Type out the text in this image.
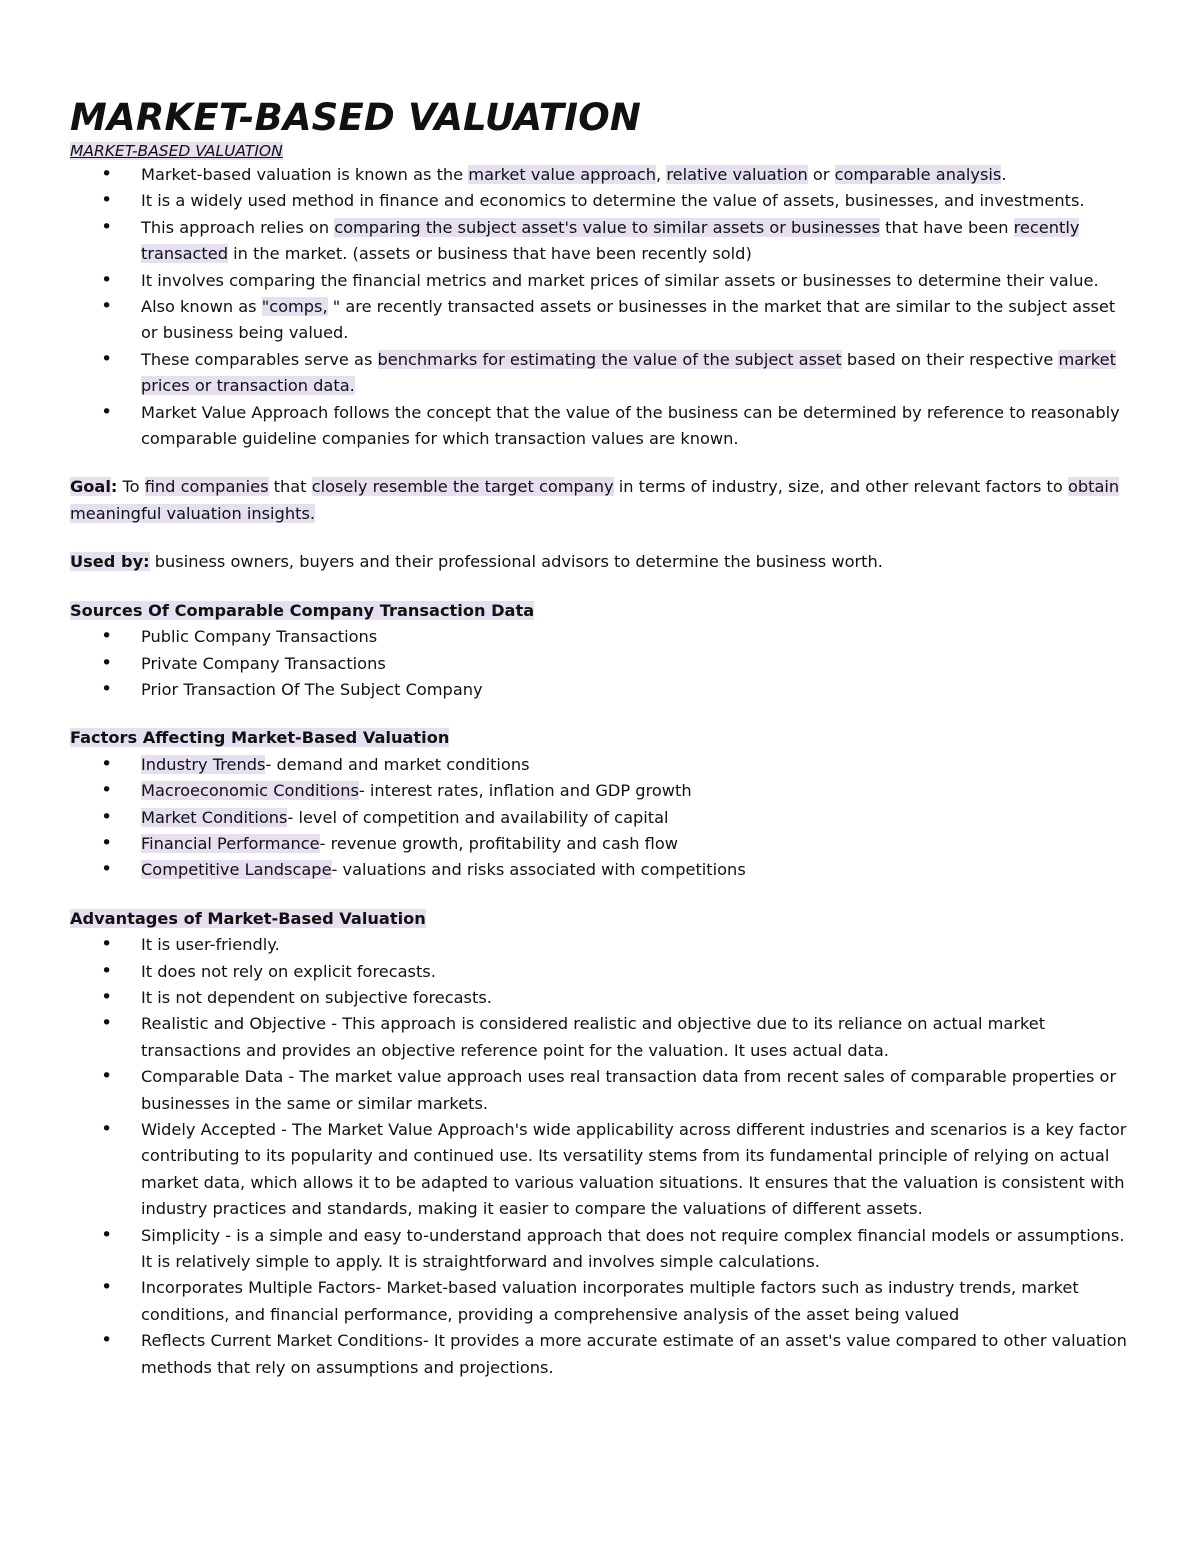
MARKET-BASED VALUATION

MARKET-BASED VALUATION

• Market-based valuation is known as the market value approach, relative valuation or comparable analysis.
• It is a widely used method in finance and economics to determine the value of assets, businesses, and investments.
• This approach relies on comparing the subject asset's value to similar assets or businesses that have been recently transacted in the market. (assets or business that have been recently sold)
• It involves comparing the financial metrics and market prices of similar assets or businesses to determine their value.
• Also known as "comps, " are recently transacted assets or businesses in the market that are similar to the subject asset or business being valued.
• These comparables serve as benchmarks for estimating the value of the subject asset based on their respective market prices or transaction data.
• Market Value Approach follows the concept that the value of the business can be determined by reference to reasonably comparable guideline companies for which transaction values are known.

Goal: To find companies that closely resemble the target company in terms of industry, size, and other relevant factors to obtain meaningful valuation insights.

Used by: business owners, buyers and their professional advisors to determine the business worth.

Sources Of Comparable Company Transaction Data

• Public Company Transactions
• Private Company Transactions
• Prior Transaction Of The Subject Company

Factors Affecting Market-Based Valuation

• Industry Trends- demand and market conditions
• Macroeconomic Conditions- interest rates, inflation and GDP growth
• Market Conditions- level of competition and availability of capital
• Financial Performance- revenue growth, profitability and cash flow
• Competitive Landscape- valuations and risks associated with competitions

Advantages of Market-Based Valuation

• It is user-friendly.
• It does not rely on explicit forecasts.
• It is not dependent on subjective forecasts.
• Realistic and Objective - This approach is considered realistic and objective due to its reliance on actual market transactions and provides an objective reference point for the valuation. It uses actual data.
• Comparable Data - The market value approach uses real transaction data from recent sales of comparable properties or businesses in the same or similar markets.
• Widely Accepted - The Market Value Approach's wide applicability across different industries and scenarios is a key factor contributing to its popularity and continued use. Its versatility stems from its fundamental principle of relying on actual market data, which allows it to be adapted to various valuation situations. It ensures that the valuation is consistent with industry practices and standards, making it easier to compare the valuations of different assets.
• Simplicity - is a simple and easy to-understand approach that does not require complex financial models or assumptions. It is relatively simple to apply. It is straightforward and involves simple calculations.
• Incorporates Multiple Factors- Market-based valuation incorporates multiple factors such as industry trends, market conditions, and financial performance, providing a comprehensive analysis of the asset being valued
• Reflects Current Market Conditions- It provides a more accurate estimate of an asset's value compared to other valuation methods that rely on assumptions and projections.
